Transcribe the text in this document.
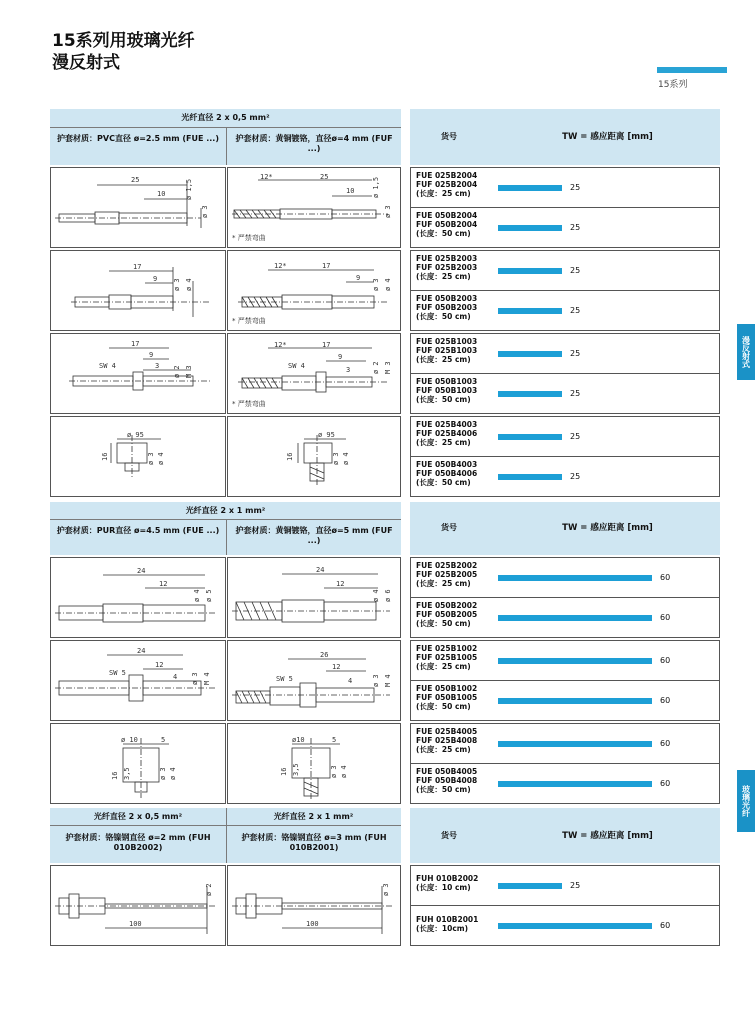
15系列用玻璃光纤
漫反射式
15系列
漫反射式
玻璃光纤
光纤直径 2 x 0,5 mm²
护套材质：PVC直径 ø=2.5 mm (FUE ...)	护套材质：黄铜镀铬，直径ø=4 mm (FUF ...)
货号	TW = 感应距离 [mm]
光纤直径 2 x 1 mm²
护套材质：PUR直径 ø=4.5 mm (FUE ...)	护套材质：黄铜镀铬，直径ø=5 mm (FUF ...)
货号	TW = 感应距离 [mm]
光纤直径 2 x 0,5 mm²	光纤直径 2 x 1 mm²
护套材质：铬镍钢直径 ø=2 mm (FUH 010B2002)
护套材质：铬镍钢直径 ø=3 mm (FUH 010B2001)
货号	TW = 感应距离 [mm]
25
10	ø 1,5
ø 3
12*	25
10	ø 1,5
ø 3
* 严禁弯曲
17
9 ø 3 ø 4
12*	17
9
ø 3 ø 4
* 严禁弯曲
17
9
SW 4	3 ø 2 M 3
12*	17
9
SW 4	3	ø 2 M 3
* 严禁弯曲
ø 95
16	ø 3 ø 4
ø 95
16	ø 3 ø 4
24
12
ø 4 ø 5
24
12
ø 4 ø 6
24
SW 5
12
4 ø 3 M 4
26
12
SW 5	4	ø 3 M 4
ø 10	5
16 3,5	ø 3 ø 4
ø10	5
16 3,5	ø 3 ø 4
ø 2
100
ø 3
100
FUE 025B2004
FUF 025B2004
(长度：25 cm)
25
FUE 050B2004
FUF 050B2004
(长度：50 cm)
25
FUE 025B2003
FUF 025B2003
(长度：25 cm)
25
FUE 050B2003
FUF 050B2003
(长度：50 cm)
25
FUE 025B1003
FUF 025B1003
(长度：25 cm)
25
FUE 050B1003
FUF 050B1003
(长度：50 cm)
25
FUE 025B4003
FUF 025B4006
(长度：25 cm)
25
FUE 050B4003
FUF 050B4006
(长度：50 cm)
25
FUE 025B2002
FUF 025B2005
(长度：25 cm)
60
FUE 050B2002
FUF 050B2005
(长度：50 cm)
60
FUE 025B1002
FUF 025B1005
(长度：25 cm)
60
FUE 050B1002
FUF 050B1005
(长度：50 cm)
60
FUE 025B4005
FUF 025B4008
(长度：25 cm)
60
FUE 050B4005
FUF 050B4008
(长度：50 cm)
60
FUH 010B2002
(长度：10 cm)	25
FUH 010B2001
(长度：10cm)	60
